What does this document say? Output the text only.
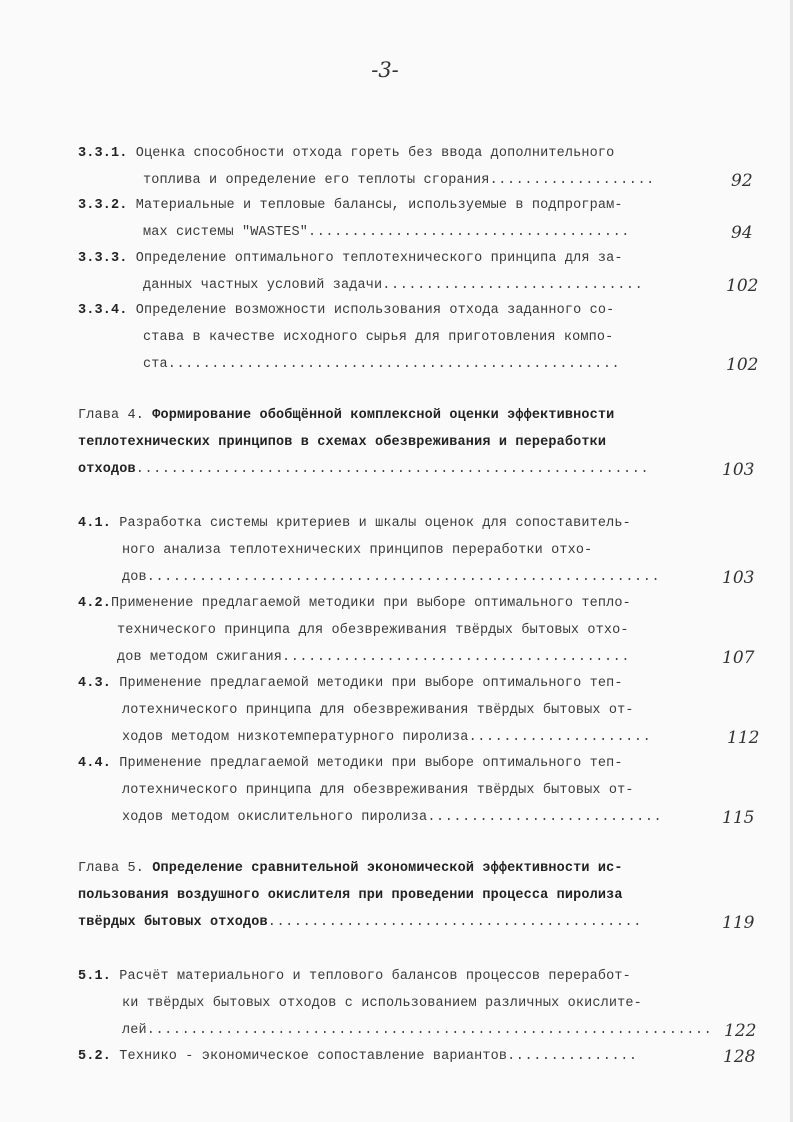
-3-
3.3.1. Оценка способности отхода гореть без ввода дополнительного
топлива и определение его теплоты сгорания...................	92
3.3.2. Материальные и тепловые балансы, используемые в подпрограм-
мах системы "WASTES".....................................	94
3.3.3. Определение оптимального теплотехнического принципа для за-
данных частных условий задачи..............................	102
3.3.4. Определение возможности использования отхода заданного со-
става в качестве исходного сырья для приготовления компо-
ста....................................................	102
Глава 4. Формирование обобщённой комплексной оценки эффективности
теплотехнических принципов в схемах обезвреживания и переработки
отходов...........................................................	103
4.1. Разработка системы критериев и шкалы оценок для сопоставитель-
ного анализа теплотехнических принципов переработки отхо-
дов...........................................................	103
4.2.Применение предлагаемой методики при выборе оптимального тепло-
технического принципа для обезвреживания твёрдых бытовых отхо-
дов методом сжигания........................................	107
4.3. Применение предлагаемой методики при выборе оптимального теп-
лотехнического принципа для обезвреживания твёрдых бытовых от-
ходов методом низкотемпературного пиролиза.....................	112
4.4. Применение предлагаемой методики при выборе оптимального теп-
лотехнического принципа для обезвреживания твёрдых бытовых от-
ходов методом окислительного пиролиза...........................	115
Глава 5. Определение сравнительной экономической эффективности ис-
пользования воздушного окислителя при проведении процесса пиролиза
твёрдых бытовых отходов...........................................	119
5.1. Расчёт материального и теплового балансов процессов переработ-
ки твёрдых бытовых отходов с использованием различных окислите-
лей................................................................. 122
5.2. Технико - экономическое сопоставление вариантов...............	128
